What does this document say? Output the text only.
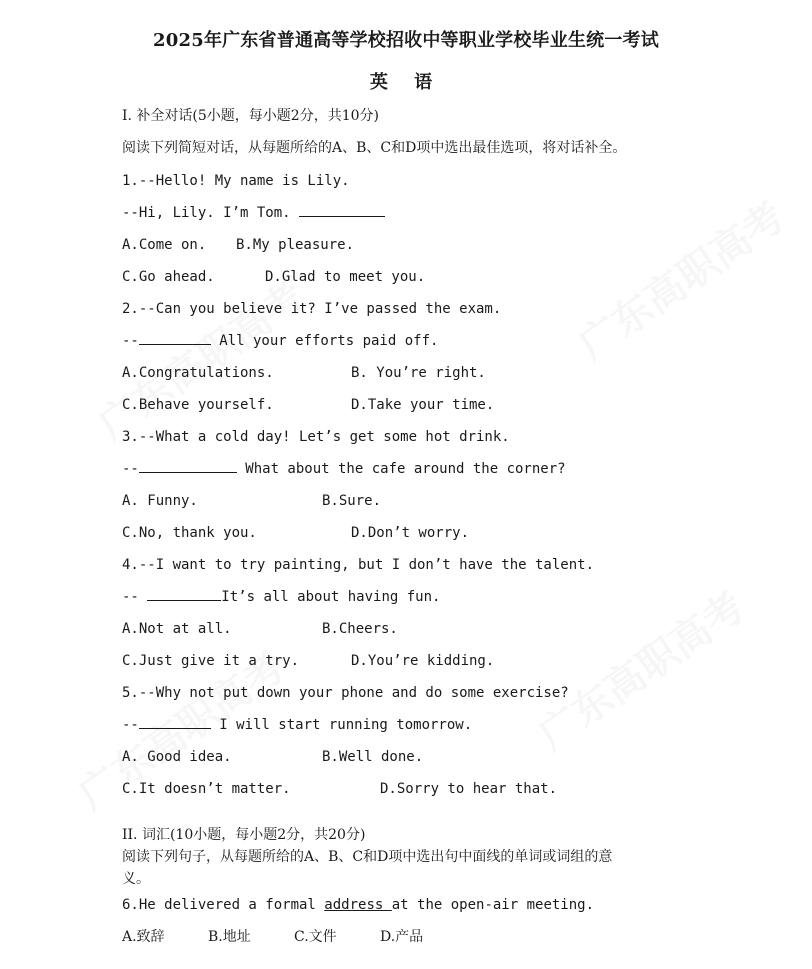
2025年广东省普通高等学校招收中等职业学校毕业生统一考试
英 语
I. 补全对话(5小题，每小题2分，共10分)
阅读下列简短对话，从每题所给的A、B、C和D项中选出最佳选项，将对话补全。
1.--Hello! My name is Lily.
--Hi, Lily. I’m Tom.
A.Come on. B.My pleasure.
C.Go ahead.	D.Glad to meet you.
2.--Can you believe it? I’ve passed the exam.
--	All your efforts paid off.
A.Congratulations.	B. You’re right.
C.Behave yourself.	D.Take your time.
3.--What a cold day! Let’s get some hot drink.
--	What about the cafe around the corner?
A. Funny.	B.Sure.
C.No, thank you.	D.Don’t worry.
4.--I want to try painting, but I don’t have the talent.
--	It’s all about having fun.
A.Not at all.	B.Cheers.
C.Just give it a try.	D.You’re kidding.
5.--Why not put down your phone and do some exercise?
--	I will start running tomorrow.
A. Good idea.	B.Well done.
C.It doesn’t matter.	D.Sorry to hear that.
II. 词汇(10小题，每小题2分，共20分)
阅读下列句子，从每题所给的A、B、C和D项中选出句中面线的单词或词组的意
义。
6.He delivered a formal address at the open-air meeting.
A.致辞	B.地址	C.文件	D.产品
